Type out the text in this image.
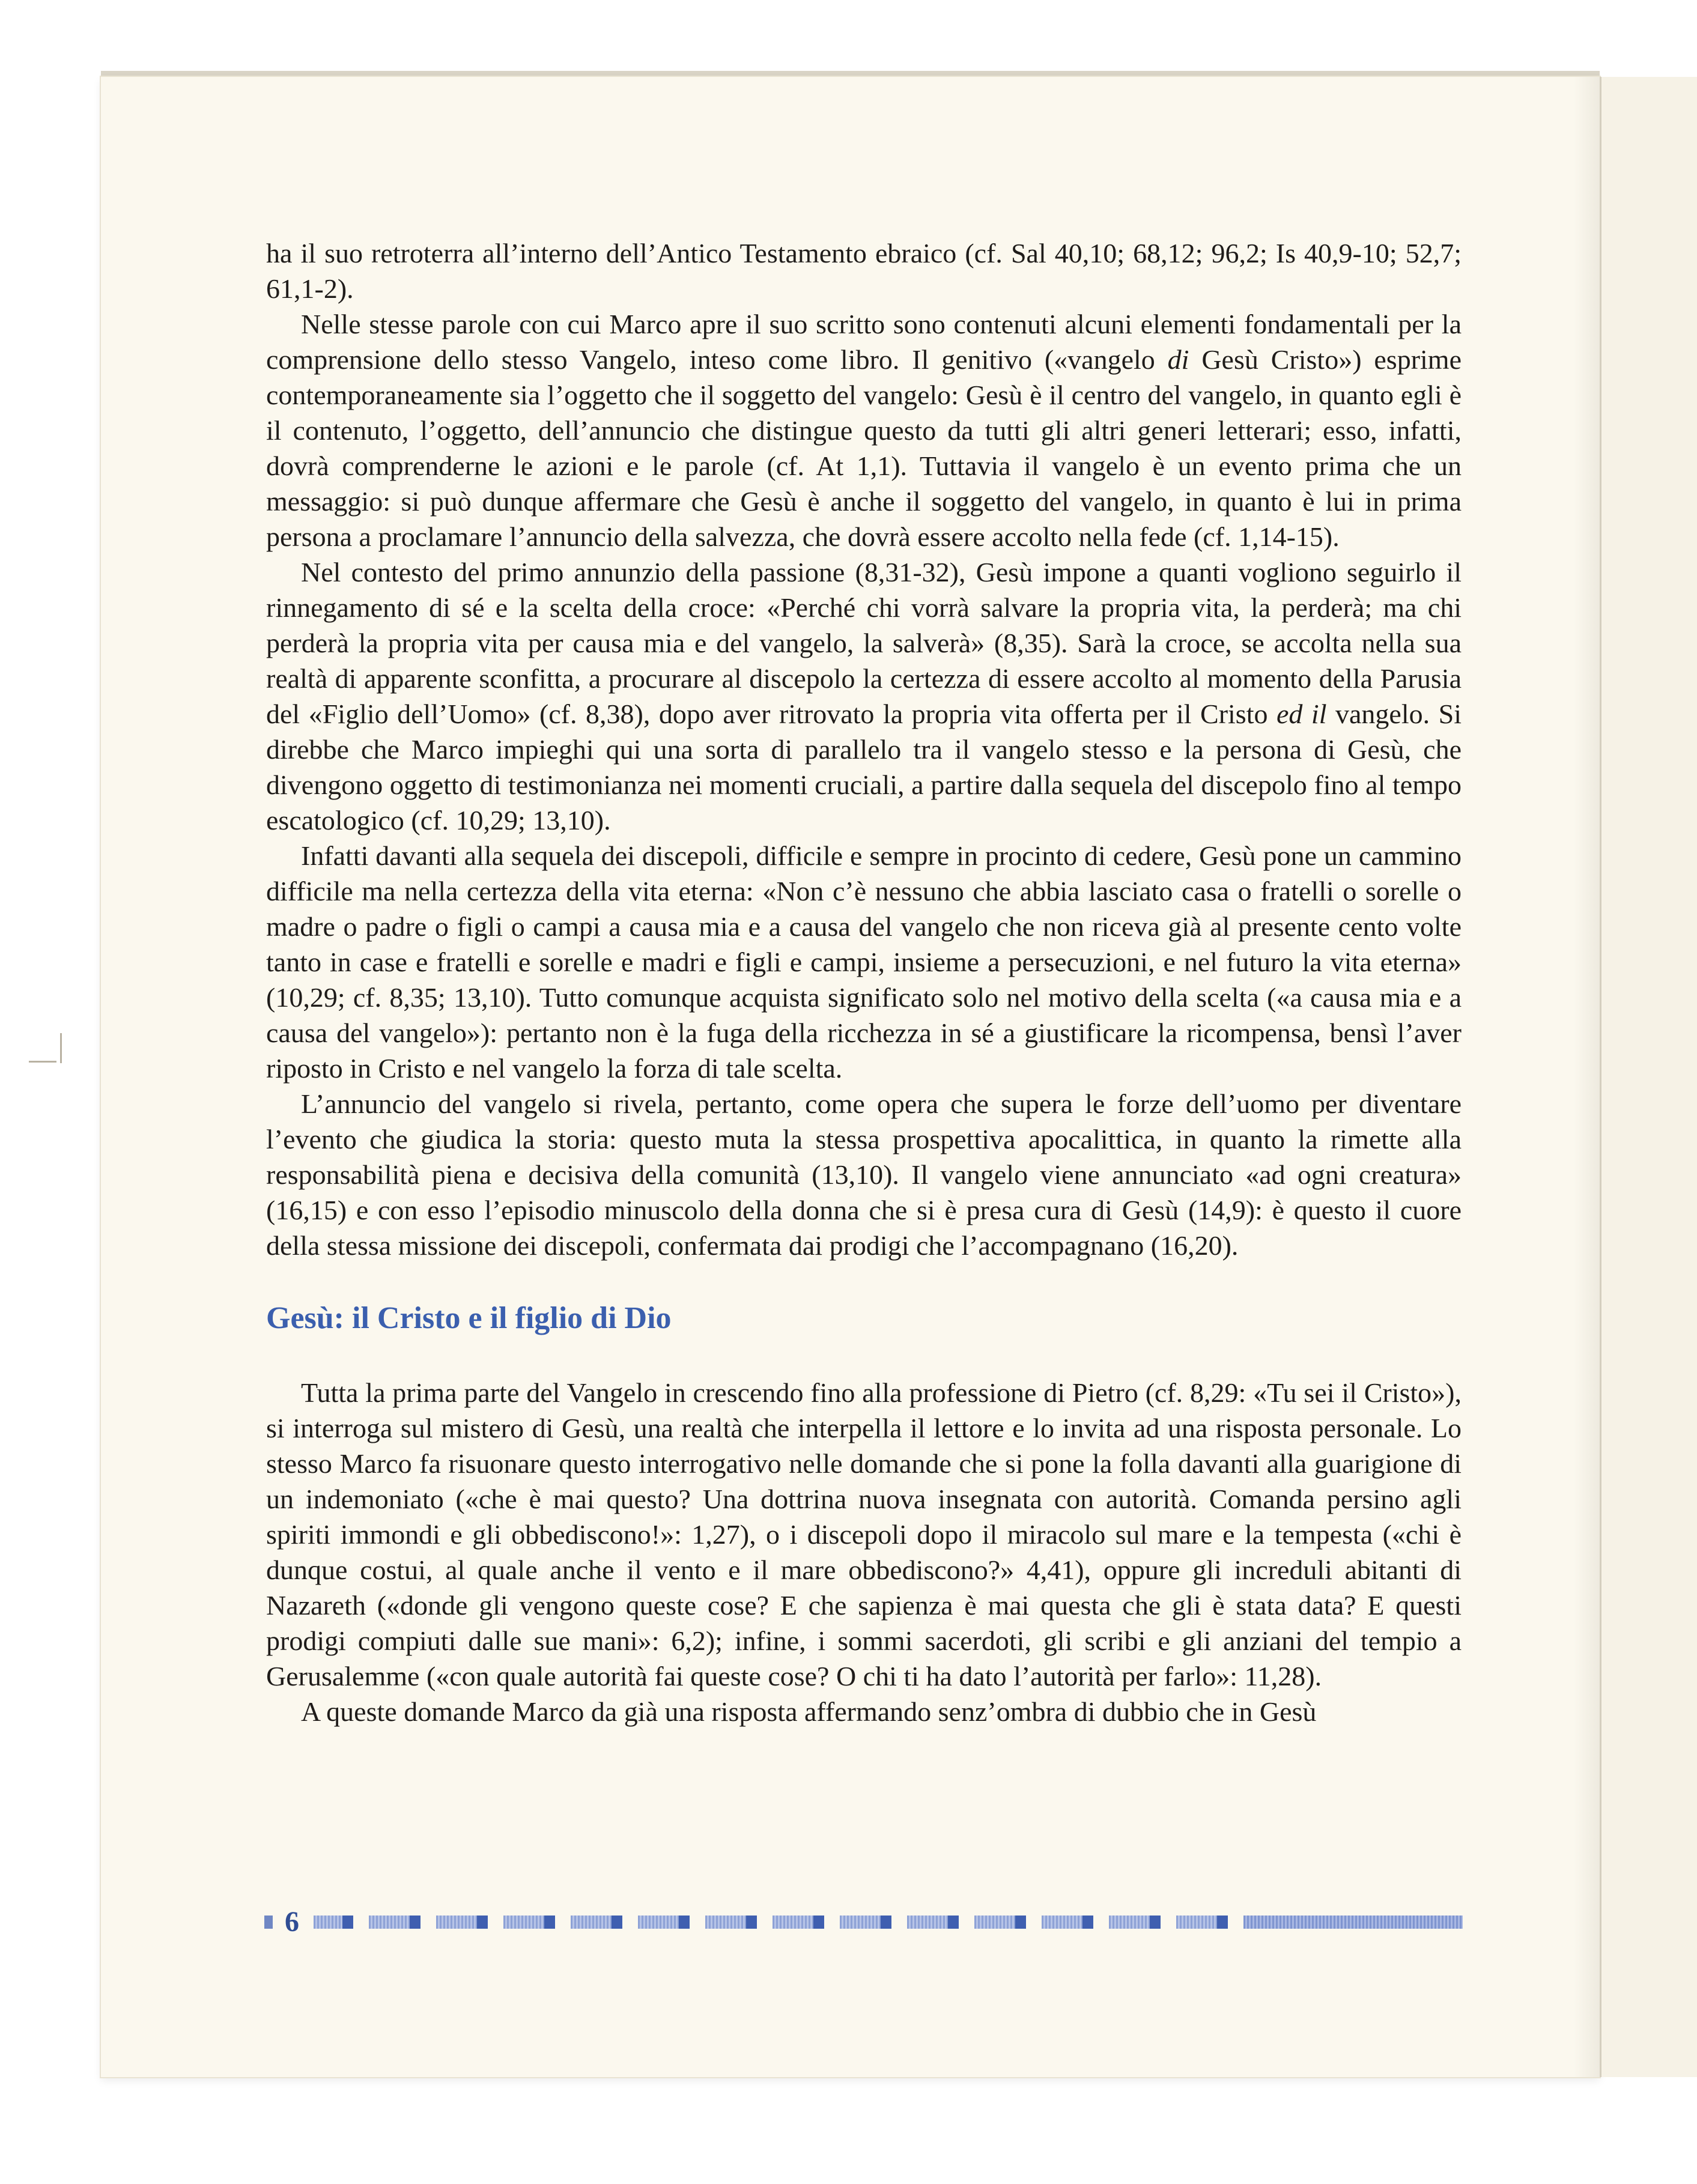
ha il suo retroterra all’interno dell’Antico Testamento ebraico (cf. Sal 40,10; 68,12; 96,2; Is 40,9-10; 52,7; 61,1-2).

Nelle stesse parole con cui Marco apre il suo scritto sono contenuti alcuni elementi fondamentali per la comprensione dello stesso Vangelo, inteso come libro. Il genitivo («vangelo di Gesù Cristo») esprime contemporaneamente sia l’oggetto che il soggetto del vangelo: Gesù è il centro del vangelo, in quanto egli è il contenuto, l’oggetto, dell’annuncio che distingue questo da tutti gli altri generi letterari; esso, infatti, dovrà comprenderne le azioni e le parole (cf. At 1,1). Tuttavia il vangelo è un evento prima che un messaggio: si può dunque affermare che Gesù è anche il soggetto del vangelo, in quanto è lui in prima persona a proclamare l’annuncio della salvezza, che dovrà essere accolto nella fede (cf. 1,14-15).

Nel contesto del primo annunzio della passione (8,31-32), Gesù impone a quanti vogliono seguirlo il rinnegamento di sé e la scelta della croce: «Perché chi vorrà salvare la propria vita, la perderà; ma chi perderà la propria vita per causa mia e del vangelo, la salverà» (8,35). Sarà la croce, se accolta nella sua realtà di apparente sconfitta, a procurare al discepolo la certezza di essere accolto al momento della Parusia del «Figlio dell’Uomo» (cf. 8,38), dopo aver ritrovato la propria vita offerta per il Cristo ed il vangelo. Si direbbe che Marco impieghi qui una sorta di parallelo tra il vangelo stesso e la persona di Gesù, che divengono oggetto di testimonianza nei momenti cruciali, a partire dalla sequela del discepolo fino al tempo escatologico (cf. 10,29; 13,10).

Infatti davanti alla sequela dei discepoli, difficile e sempre in procinto di cedere, Gesù pone un cammino difficile ma nella certezza della vita eterna: «Non c’è nessuno che abbia lasciato casa o fratelli o sorelle o madre o padre o figli o campi a causa mia e a causa del vangelo che non riceva già al presente cento volte tanto in case e fratelli e sorelle e madri e figli e campi, insieme a persecuzioni, e nel futuro la vita eterna» (10,29; cf. 8,35; 13,10). Tutto comunque acquista significato solo nel motivo della scelta («a causa mia e a causa del vangelo»): pertanto non è la fuga della ricchezza in sé a giustificare la ricompensa, bensì l’aver riposto in Cristo e nel vangelo la forza di tale scelta.

L’annuncio del vangelo si rivela, pertanto, come opera che supera le forze dell’uomo per diventare l’evento che giudica la storia: questo muta la stessa prospettiva apocalittica, in quanto la rimette alla responsabilità piena e decisiva della comunità (13,10). Il vangelo viene annunciato «ad ogni creatura» (16,15) e con esso l’episodio minuscolo della donna che si è presa cura di Gesù (14,9): è questo il cuore della stessa missione dei discepoli, confermata dai prodigi che l’accompagnano (16,20).

Gesù: il Cristo e il figlio di Dio

Tutta la prima parte del Vangelo in crescendo fino alla professione di Pietro (cf. 8,29: «Tu sei il Cristo»), si interroga sul mistero di Gesù, una realtà che interpella il lettore e lo invita ad una risposta personale. Lo stesso Marco fa risuonare questo interrogativo nelle domande che si pone la folla davanti alla guarigione di un indemoniato («che è mai questo? Una dottrina nuova insegnata con autorità. Comanda persino agli spiriti immondi e gli obbediscono!»: 1,27), o i discepoli dopo il miracolo sul mare e la tempesta («chi è dunque costui, al quale anche il vento e il mare obbediscono?» 4,41), oppure gli increduli abitanti di Nazareth («donde gli vengono queste cose? E che sapienza è mai questa che gli è stata data? E questi prodigi compiuti dalle sue mani»: 6,2); infine, i sommi sacerdoti, gli scribi e gli anziani del tempio a Gerusalemme («con quale autorità fai queste cose? O chi ti ha dato l’autorità per farlo»: 11,28).

A queste domande Marco da già una risposta affermando senz’ombra di dubbio che in Gesù

6
